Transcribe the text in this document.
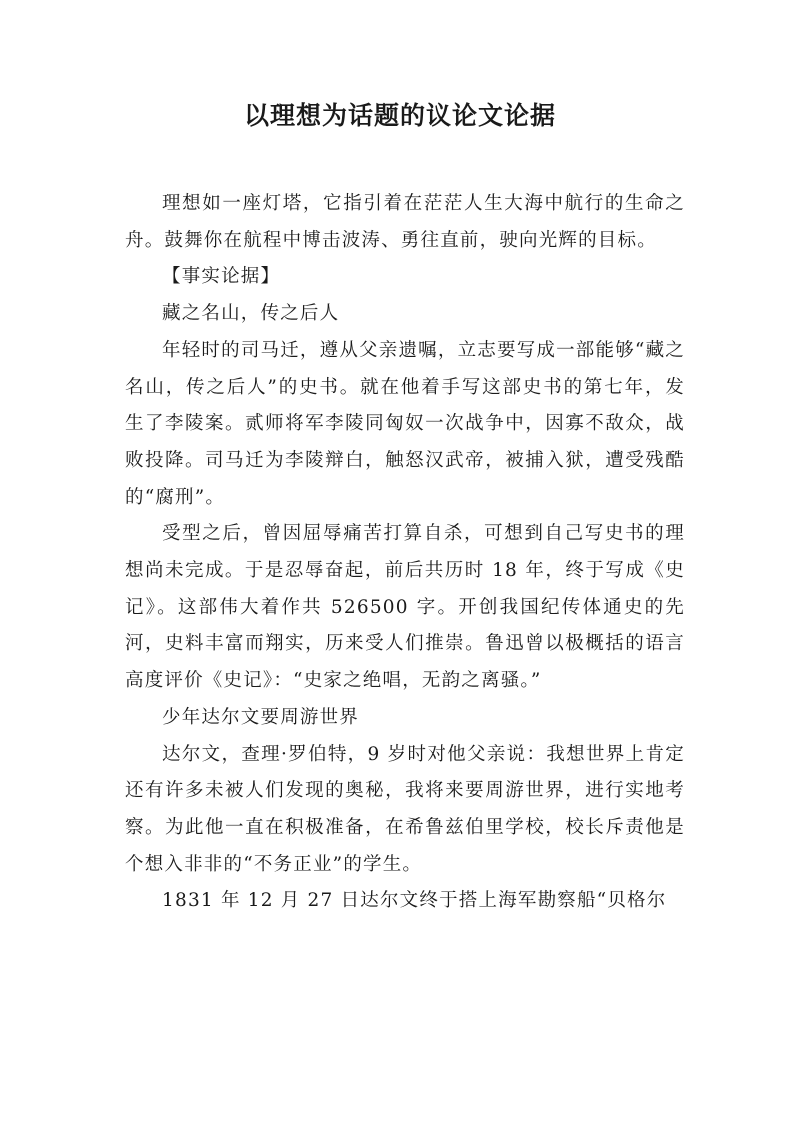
以理想为话题的议论文论据

理想如一座灯塔，它指引着在茫茫人生大海中航行的生命之舟。鼓舞你在航程中博击波涛、勇往直前，驶向光辉的目标。

【事实论据】

藏之名山，传之后人

年轻时的司马迁，遵从父亲遗嘱，立志要写成一部能够“藏之名山，传之后人”的史书。就在他着手写这部史书的第七年，发生了李陵案。贰师将军李陵同匈奴一次战争中，因寡不敌众，战败投降。司马迁为李陵辩白，触怒汉武帝，被捕入狱，遭受残酷的“腐刑”。

受型之后，曾因屈辱痛苦打算自杀，可想到自己写史书的理想尚未完成。于是忍辱奋起，前后共历时 18 年，终于写成《史记》。这部伟大着作共 526500 字。开创我国纪传体通史的先河，史料丰富而翔实，历来受人们推崇。鲁迅曾以极概括的语言高度评价《史记》：“史家之绝唱，无韵之离骚。”

少年达尔文要周游世界

达尔文，查理·罗伯特，9 岁时对他父亲说：我想世界上肯定还有许多未被人们发现的奥秘，我将来要周游世界，进行实地考察。为此他一直在积极准备，在希鲁兹伯里学校，校长斥责他是个想入非非的“不务正业”的学生。

1831 年 12 月 27 日达尔文终于搭上海军勘察船“贝格尔
